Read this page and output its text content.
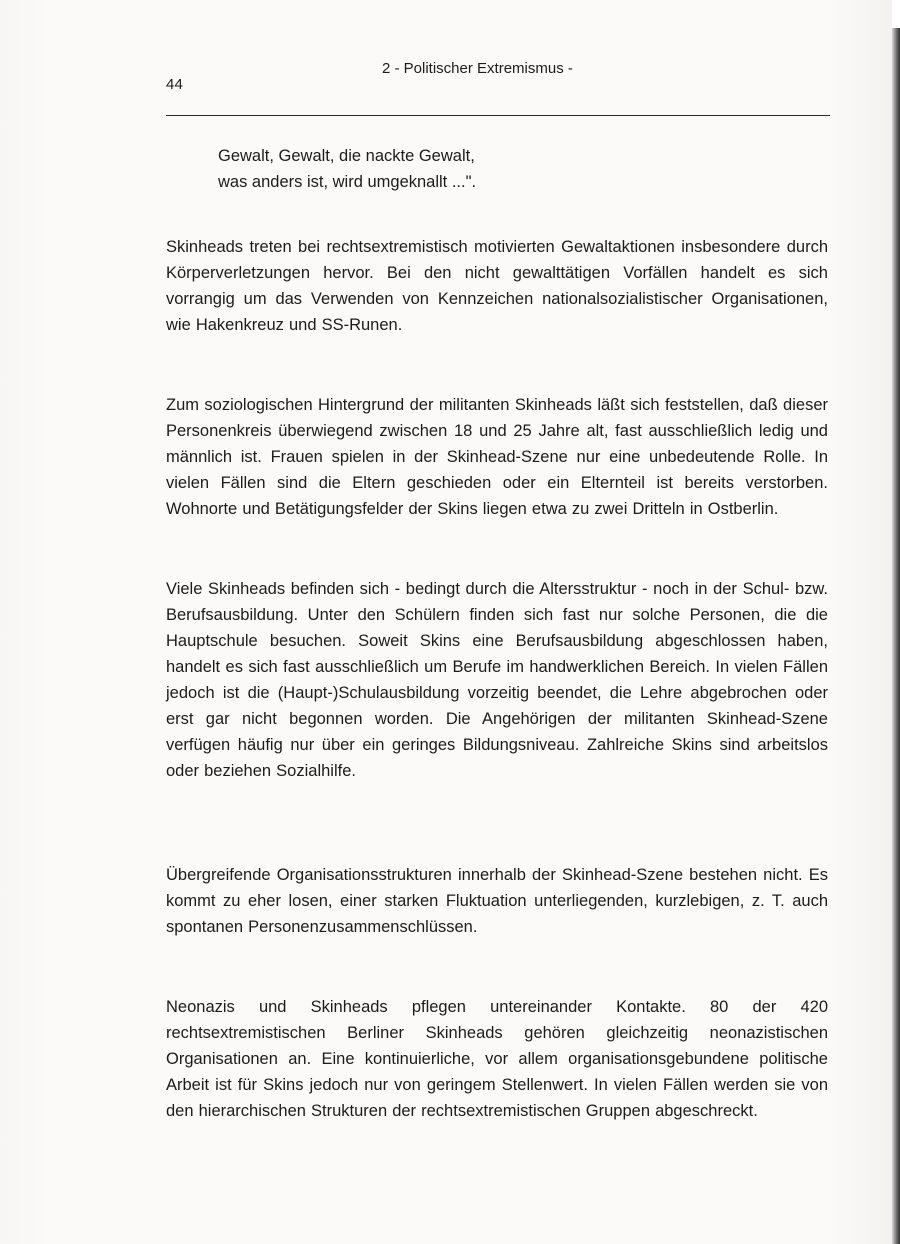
44
2 - Politischer Extremismus -
Gewalt, Gewalt, die nackte Gewalt,
was anders ist, wird umgeknallt ...".

Skinheads treten bei rechtsextremistisch motivierten Gewaltaktionen insbesondere durch Körperverletzungen hervor. Bei den nicht gewalttätigen Vorfällen handelt es sich vorrangig um das Verwenden von Kennzeichen nationalsozialistischer Organisationen, wie Hakenkreuz und SS-Runen.

Zum soziologischen Hintergrund der militanten Skinheads läßt sich feststellen, daß dieser Personenkreis überwiegend zwischen 18 und 25 Jahre alt, fast ausschließlich ledig und männlich ist. Frauen spielen in der Skinhead-Szene nur eine unbedeutende Rolle. In vielen Fällen sind die Eltern geschieden oder ein Elternteil ist bereits verstorben. Wohnorte und Betätigungsfelder der Skins liegen etwa zu zwei Dritteln in Ostberlin.

Viele Skinheads befinden sich - bedingt durch die Altersstruktur - noch in der Schul- bzw. Berufsausbildung. Unter den Schülern finden sich fast nur solche Personen, die die Hauptschule besuchen. Soweit Skins eine Berufsausbildung abgeschlossen haben, handelt es sich fast ausschließlich um Berufe im handwerklichen Bereich. In vielen Fällen jedoch ist die (Haupt-)Schulausbildung vorzeitig beendet, die Lehre abgebrochen oder erst gar nicht begonnen worden. Die Angehörigen der militanten Skinhead-Szene verfügen häufig nur über ein geringes Bildungsniveau. Zahlreiche Skins sind arbeitslos oder beziehen Sozialhilfe.

Übergreifende Organisationsstrukturen innerhalb der Skinhead-Szene bestehen nicht. Es kommt zu eher losen, einer starken Fluktuation unterliegenden, kurzlebigen, z. T. auch spontanen Personenzusammenschlüssen.

Neonazis und Skinheads pflegen untereinander Kontakte. 80 der 420 rechtsextremistischen Berliner Skinheads gehören gleichzeitig neonazistischen Organisationen an. Eine kontinuierliche, vor allem organisationsgebundene politische Arbeit ist für Skins jedoch nur von geringem Stellenwert. In vielen Fällen werden sie von den hierarchischen Strukturen der rechtsextremistischen Gruppen abgeschreckt.
